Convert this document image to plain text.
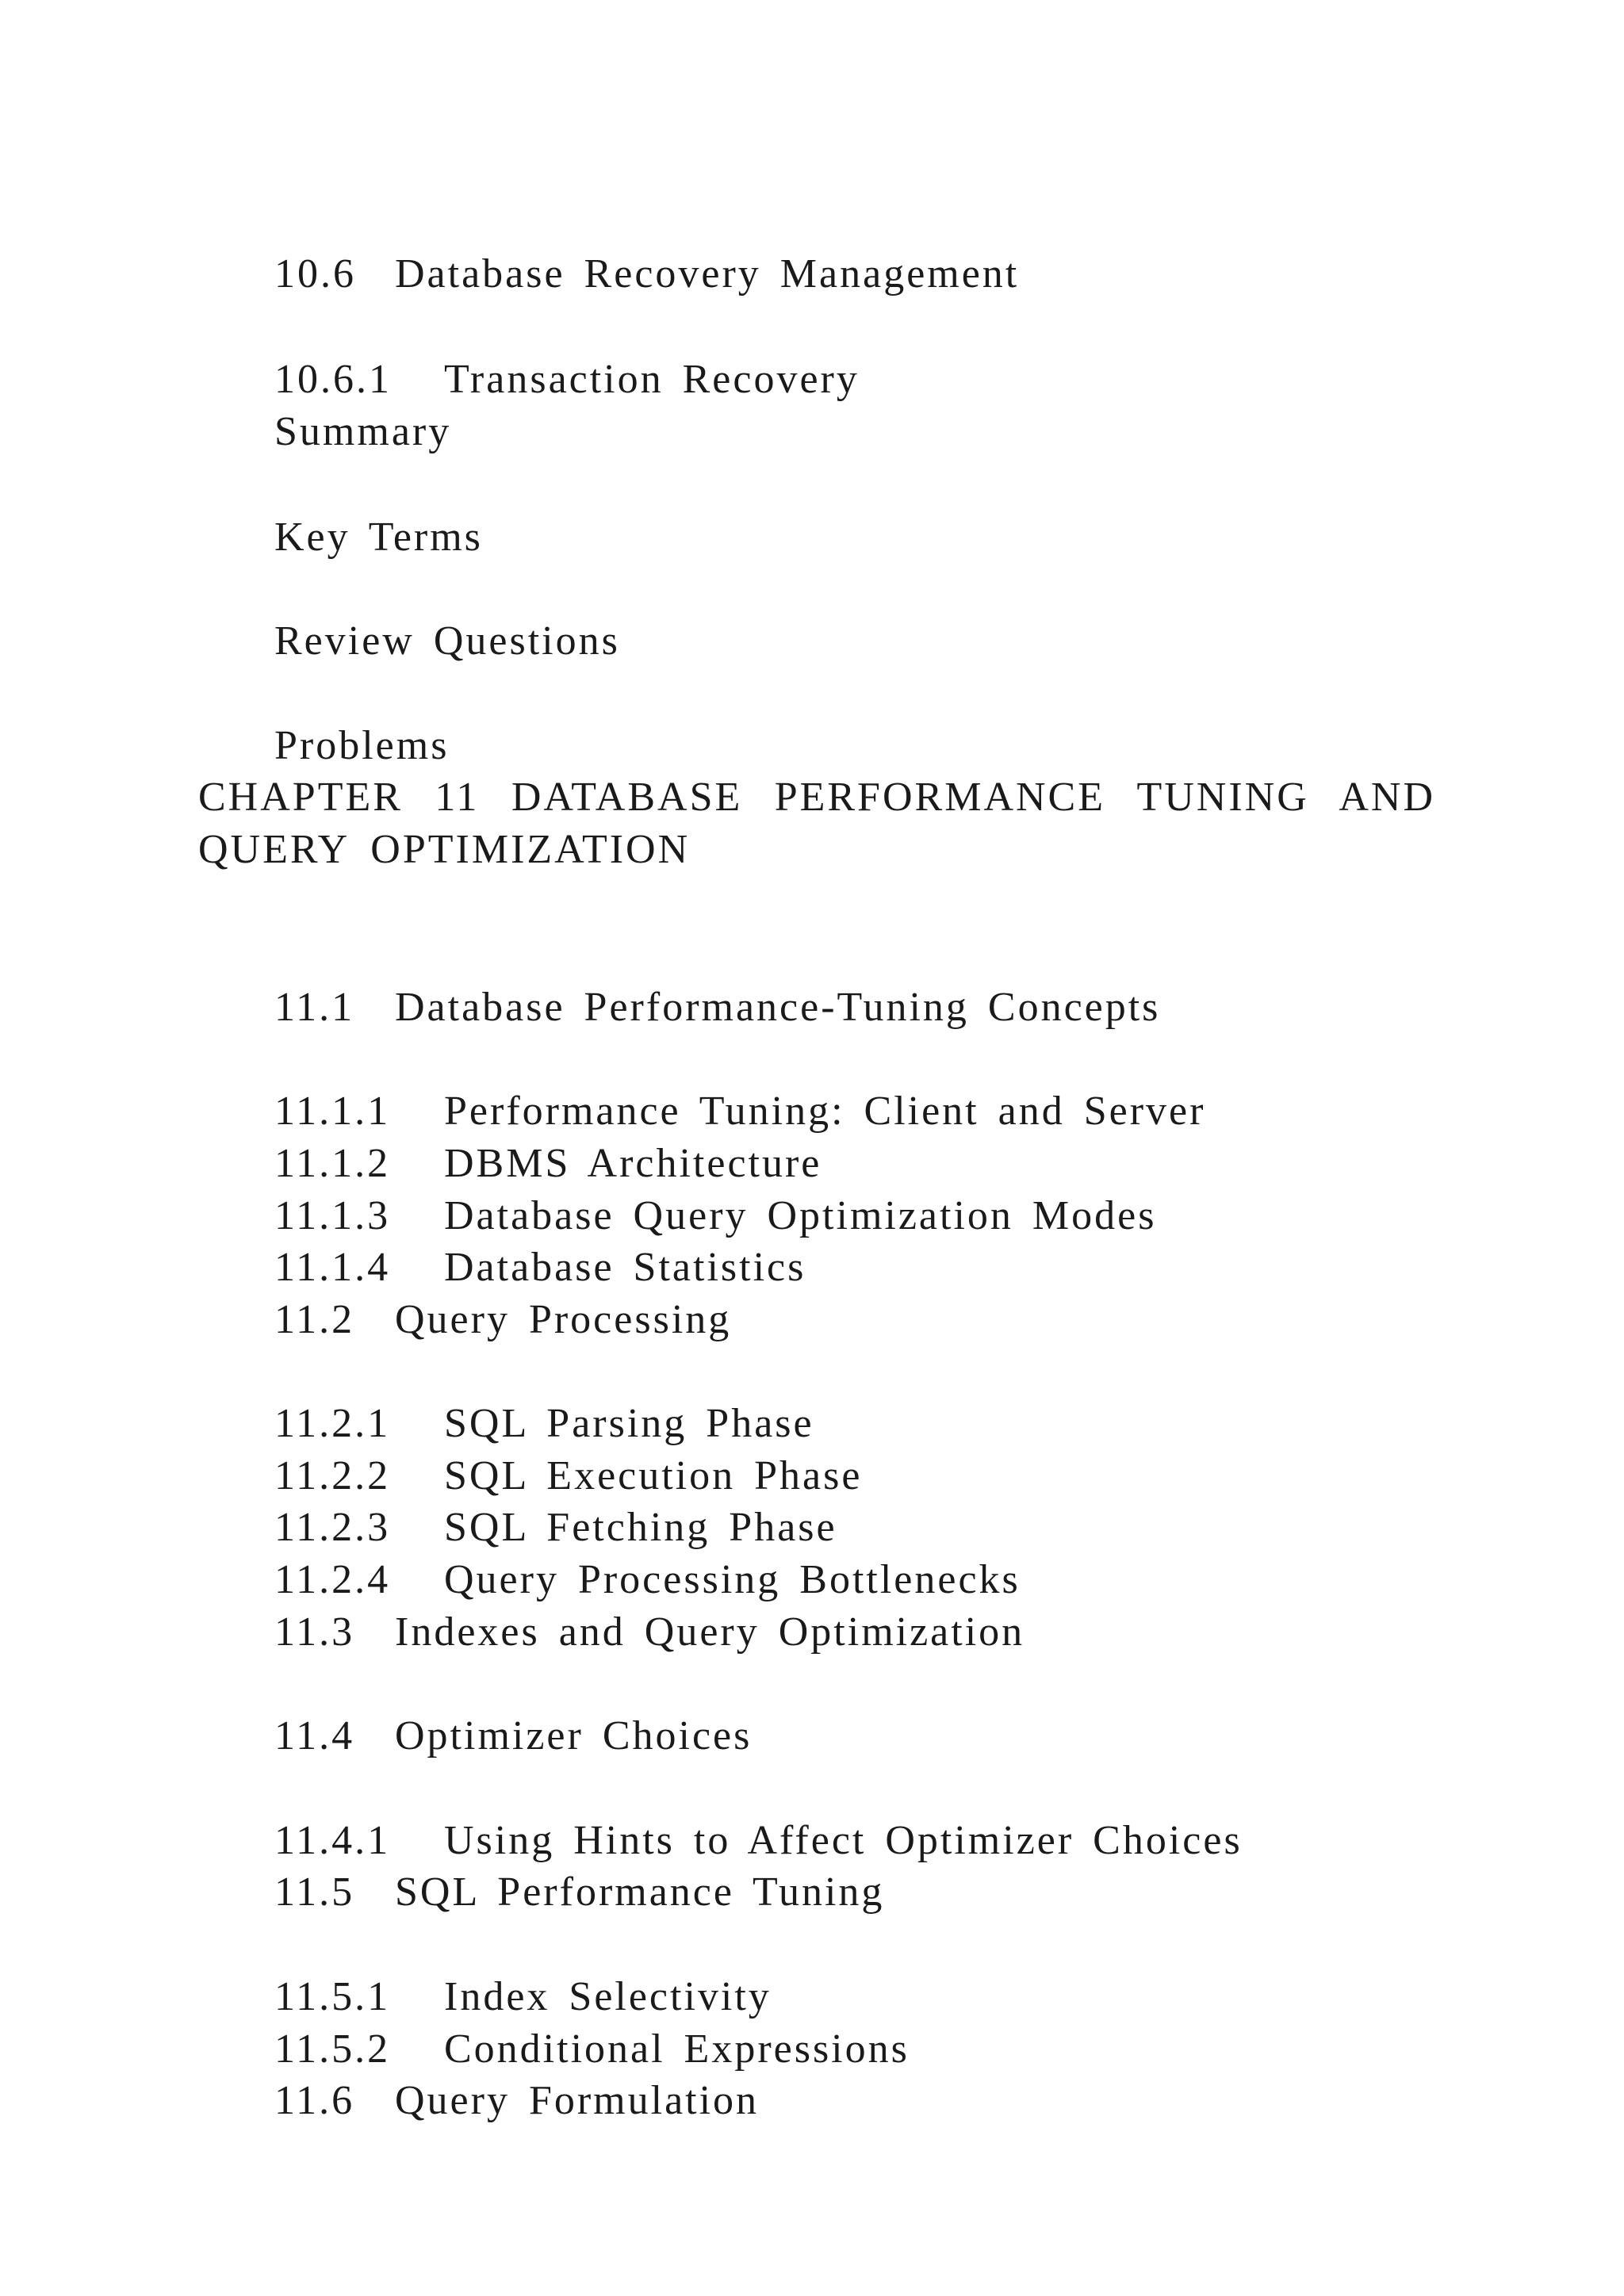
10.6 Database Recovery Management

10.6.1 Transaction Recovery

Summary

Key Terms

Review Questions

Problems

CHAPTER 11 DATABASE PERFORMANCE TUNING AND QUERY OPTIMIZATION

11.1 Database Performance-Tuning Concepts

11.1.1 Performance Tuning: Client and Server

11.1.2 DBMS Architecture

11.1.3 Database Query Optimization Modes

11.1.4 Database Statistics

11.2 Query Processing

11.2.1 SQL Parsing Phase

11.2.2 SQL Execution Phase

11.2.3 SQL Fetching Phase

11.2.4 Query Processing Bottlenecks

11.3 Indexes and Query Optimization

11.4 Optimizer Choices

11.4.1 Using Hints to Affect Optimizer Choices

11.5 SQL Performance Tuning

11.5.1 Index Selectivity

11.5.2 Conditional Expressions

11.6 Query Formulation
